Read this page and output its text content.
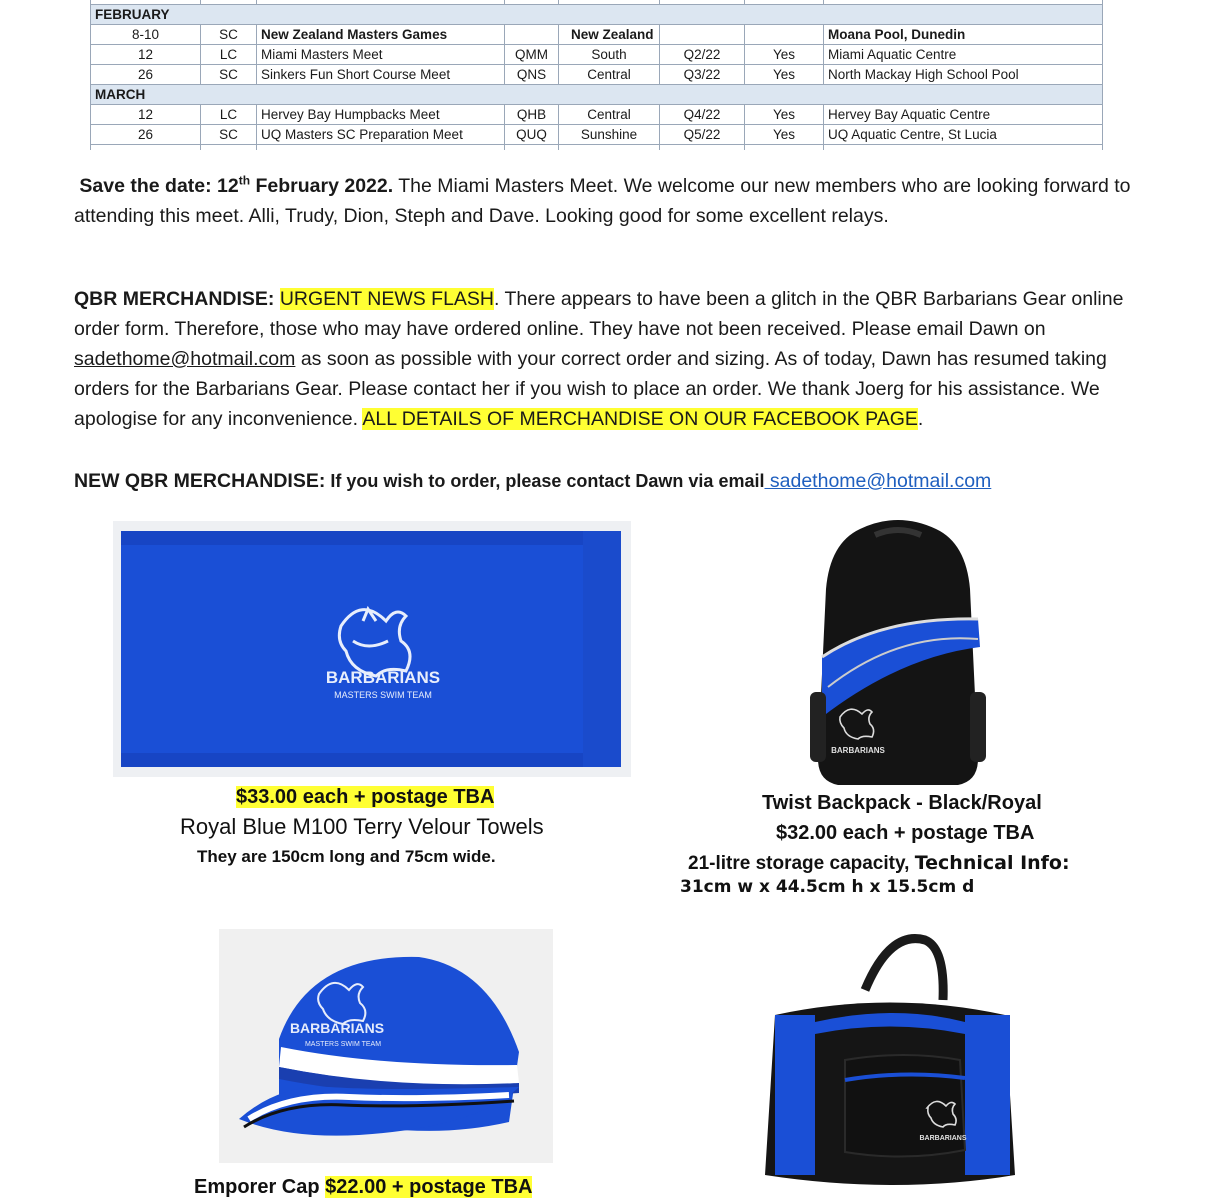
FEBRUARY							
8-10	SC	New Zealand Masters Games		New Zealand			Moana Pool, Dunedin
12	LC	Miami Masters Meet	QMM	South	Q2/22	Yes	Miami Aquatic Centre
26	SC	Sinkers Fun Short Course Meet	QNS	Central	Q3/22	Yes	North Mackay High School Pool
MARCH							
12	LC	Hervey Bay Humpbacks Meet	QHB	Central	Q4/22	Yes	Hervey Bay Aquatic Centre
26	SC	UQ Masters SC Preparation Meet	QUQ	Sunshine	Q5/22	Yes	UQ Aquatic Centre, St Lucia

Save the date: 12th February 2022. The Miami Masters Meet. We welcome our new members who are looking forward to attending this meet. Alli, Trudy, Dion, Steph and Dave. Looking good for some excellent relays.

QBR MERCHANDISE: URGENT NEWS FLASH. There appears to have been a glitch in the QBR Barbarians Gear online order form. Therefore, those who may have ordered online. They have not been received. Please email Dawn on sadethome@hotmail.com as soon as possible with your correct order and sizing. As of today, Dawn has resumed taking orders for the Barbarians Gear. Please contact her if you wish to place an order. We thank Joerg for his assistance. We apologise for any inconvenience. ALL DETAILS OF MERCHANDISE ON OUR FACEBOOK PAGE.

NEW QBR MERCHANDISE: If you wish to order, please contact Dawn via email sadethome@hotmail.com

BARBARIANS
MASTERS SWIM TEAM

$33.00 each + postage TBA

Royal Blue M100 Terry Velour Towels

They are 150cm long and 75cm wide.

BARBARIANS

Twist Backpack - Black/Royal

$32.00 each + postage TBA

21-litre storage capacity, Technical Info:

31cm w x 44.5cm h x 15.5cm d

BARBARIANS
MASTERS SWIM TEAM

Emporer Cap $22.00 + postage TBA

BARBARIANS
